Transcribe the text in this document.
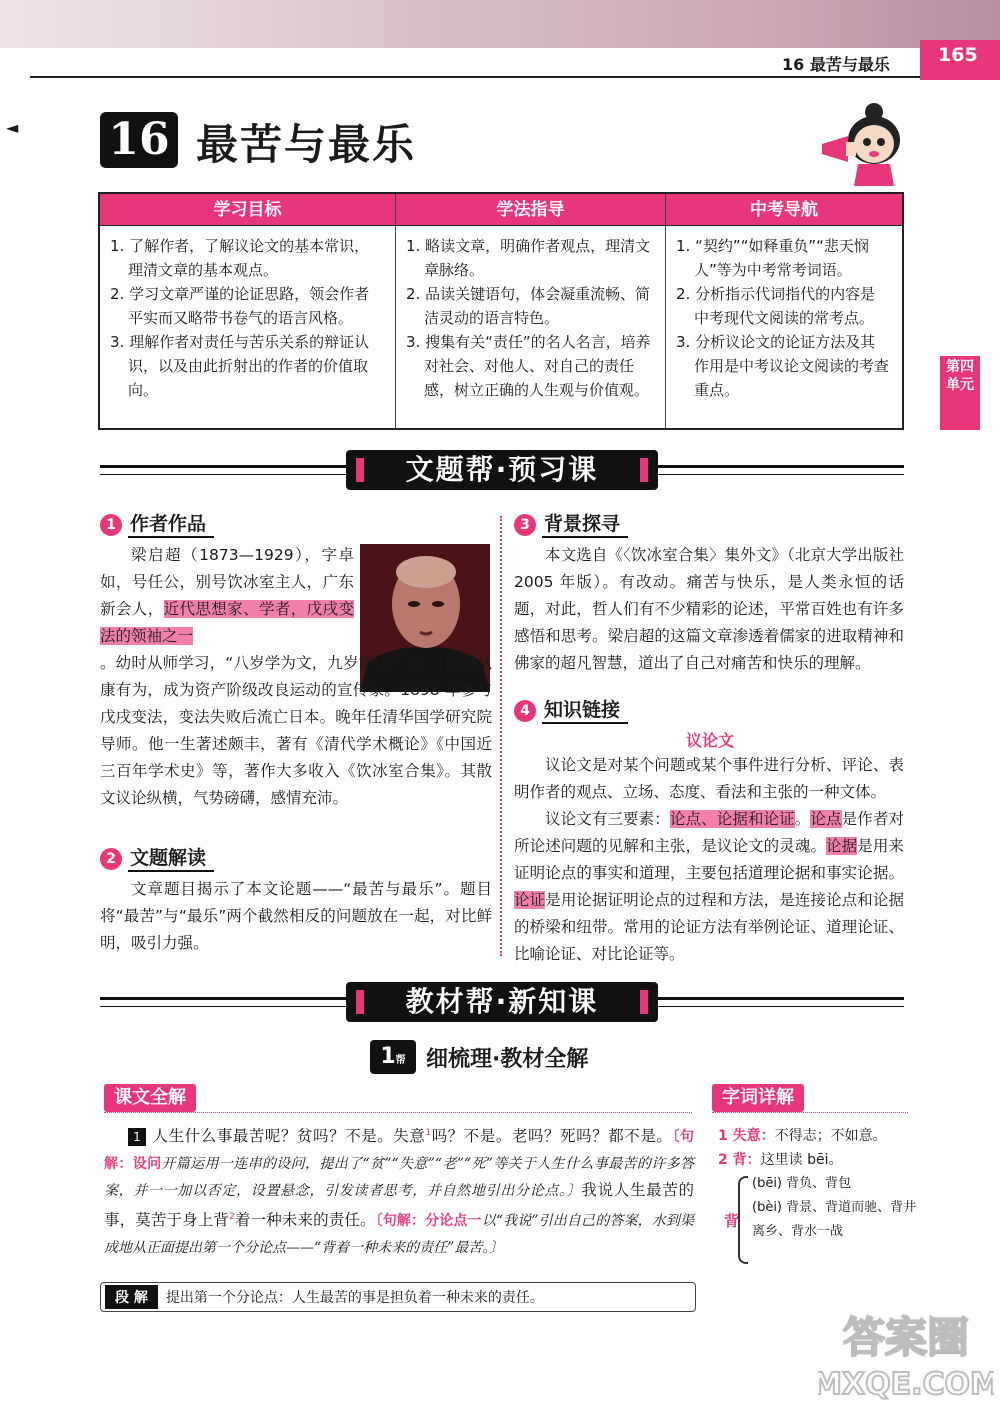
16 最苦与最乐	165
◄ 16 最苦与最乐
学习目标
1. 了解作者，了解议论文的基本常识，理清文章的基本观点。
2. 学习文章严谨的论证思路，领会作者平实而又略带书卷气的语言风格。
3. 理解作者对责任与苦乐关系的辩证认识，以及由此折射出的作者的价值取向。
学法指导
1. 略读文章，明确作者观点，理清文章脉络。
2. 品读关键语句，体会凝重流畅、简洁灵动的语言特色。
3. 搜集有关“责任”的名人名言，培养对社会、对他人、对自己的责任感，树立正确的人生观与价值观。
中考导航
1. “契约”“如释重负”“悲天悯人”等为中考常考词语。
2. 分析指示代词指代的内容是中考现代文阅读的常考点。
3. 分析议论文的论证方法及其作用是中考议论文阅读的考查重点。
第四单元
文题帮·预习课
1 作者作品

梁启超（1873—1929），字卓如，号任公，别号饮冰室主人，广东新会人，近代思想家、学者，戊戌变法的领袖之一

。幼时从师学习，“八岁学为文，九岁能缀千言”。后师从康有为，成为资产阶级改良运动的宣传家。1898 年参与戊戌变法，变法失败后流亡日本。晚年任清华国学研究院导师。他一生著述颇丰，著有《清代学术概论》《中国近三百年学术史》等，著作大多收入《饮冰室合集》。其散文议论纵横，气势磅礴，感情充沛。

2 文题解读

文章题目揭示了本文论题——“最苦与最乐”。题目将“最苦”与“最乐”两个截然相反的问题放在一起，对比鲜明，吸引力强。

3 背景探寻

本文选自《〈饮冰室合集〉集外文》（北京大学出版社 2005 年版）。有改动。痛苦与快乐，是人类永恒的话题，对此，哲人们有不少精彩的论述，平常百姓也有许多感悟和思考。梁启超的这篇文章渗透着儒家的进取精神和佛家的超凡智慧，道出了自己对痛苦和快乐的理解。

4 知识链接
议论文

议论文是对某个问题或某个事件进行分析、评论、表明作者的观点、立场、态度、看法和主张的一种文体。

议论文有三要素：论点、论据和论证。论点是作者对所论述问题的见解和主张，是议论文的灵魂。论据是用来证明论点的事实和道理，主要包括道理论据和事实论据。论证是用论据证明论点的过程和方法，是连接论点和论据的桥梁和纽带。常用的论证方法有举例论证、道理论证、比喻论证、对比论证等。

教材帮·新知课
1帮 细梳理·教材全解
课文全解	字词详解

1 人生什么事最苦呢？贫吗？不是。失意$^1$吗？不是。老吗？死吗？都不是。〔句解：设问开篇运用一连串的设问，提出了“贫”“失意”“老”“死”等关于人生什么事最苦的许多答案，并一一加以否定，设置悬念，引发读者思考，并自然地引出分论点。〕我说人生最苦的事，莫苦于身上背$^2$着一种未来的责任。〔句解：分论点一以“我说”引出自己的答案，水到渠成地从正面提出第一个分论点——“背着一种未来的责任”最苦。〕

段 解	提出第一个分论点：人生最苦的事是担负着一种未来的责任。
1 失意：不得志；不如意。
2 背：这里读 bēi。
背
(bēi) 背负、背包
(bèi) 背景、背道而驰、背井离乡、背水一战
答案圈
MXQE.COM
